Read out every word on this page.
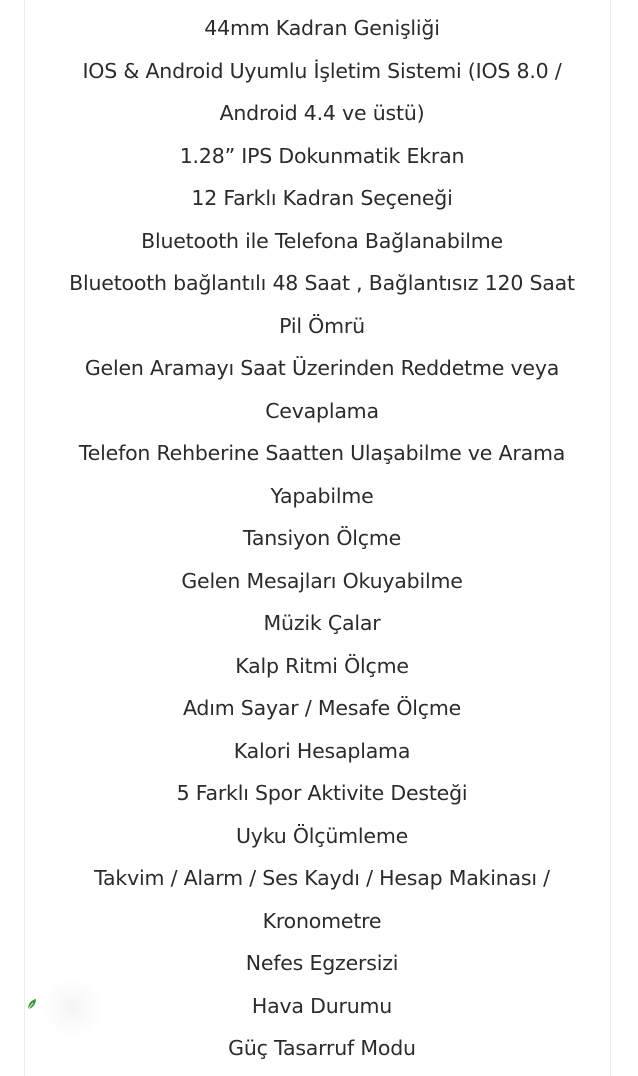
44mm Kadran Genişliği
IOS & Android Uyumlu İşletim Sistemi (IOS 8.0 /
Android 4.4 ve üstü)
1.28” IPS Dokunmatik Ekran
12 Farklı Kadran Seçeneği
Bluetooth ile Telefona Bağlanabilme
Bluetooth bağlantılı 48 Saat , Bağlantısız 120 Saat
Pil Ömrü
Gelen Aramayı Saat Üzerinden Reddetme veya
Cevaplama
Telefon Rehberine Saatten Ulaşabilme ve Arama
Yapabilme
Tansiyon Ölçme
Gelen Mesajları Okuyabilme
Müzik Çalar
Kalp Ritmi Ölçme
Adım Sayar / Mesafe Ölçme
Kalori Hesaplama
5 Farklı Spor Aktivite Desteği
Uyku Ölçümleme
Takvim / Alarm / Ses Kaydı / Hesap Makinası /
Kronometre
Nefes Egzersizi
Hava Durumu
Güç Tasarruf Modu
